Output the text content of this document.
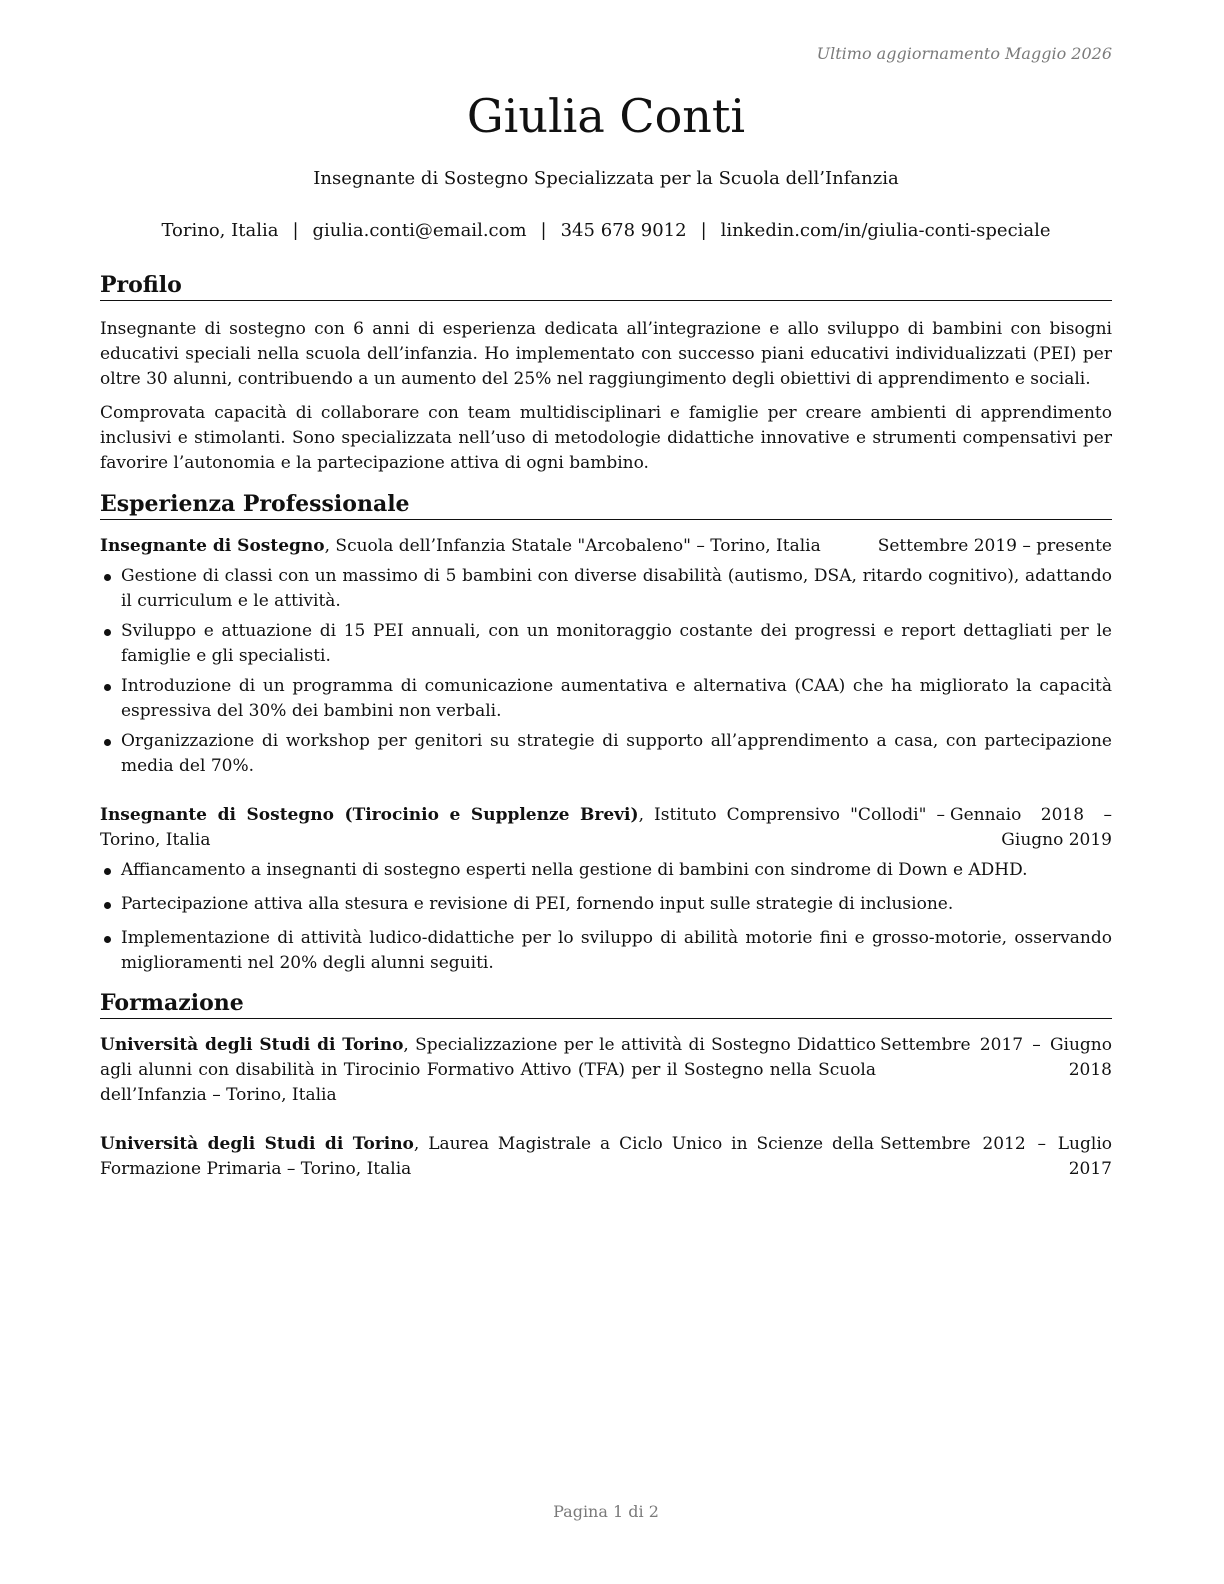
Ultimo aggiornamento Maggio 2026
Giulia Conti
Insegnante di Sostegno Specializzata per la Scuola dell’Infanzia
Torino, Italia | giulia.conti@email.com | 345 678 9012 | linkedin.com/in/giulia-conti-speciale
Profilo

Insegnante di sostegno con 6 anni di esperienza dedicata all’integrazione e allo sviluppo di bambini con bisogni educativi speciali nella scuola dell’infanzia. Ho implementato con successo piani educativi individualizzati (PEI) per oltre 30 alunni, contribuendo a un aumento del 25% nel raggiungimento degli obiettivi di apprendimento e sociali.

Comprovata capacità di collaborare con team multidisciplinari e famiglie per creare ambienti di apprendimento inclusivi e stimolanti. Sono specializzata nell’uso di metodologie didattiche innovative e strumenti compensativi per favorire l’autonomia e la partecipazione attiva di ogni bambino.

Esperienza Professionale
Insegnante di Sostegno, Scuola dell’Infanzia Statale "Arcobaleno" – Torino, Italia	Settembre 2019 – presente
Gestione di classi con un massimo di 5 bambini con diverse disabilità (autismo, DSA, ritardo cognitivo), adattando il curriculum e le attività.
Sviluppo e attuazione di 15 PEI annuali, con un monitoraggio costante dei progressi e report dettagliati per le famiglie e gli specialisti.
Introduzione di un programma di comunicazione aumentativa e alternativa (CAA) che ha migliorato la capacità espressiva del 30% dei bambini non verbali.
Organizzazione di workshop per genitori su strategie di supporto all’apprendimento a casa, con partecipazione media del 70%.
Insegnante di Sostegno (Tirocinio e Supplenze Brevi), Istituto Comprensivo "Collodi" – Torino, Italia
Gennaio 2018 – Giugno 2019
Affiancamento a insegnanti di sostegno esperti nella gestione di bambini con sindrome di Down e ADHD.
Partecipazione attiva alla stesura e revisione di PEI, fornendo input sulle strategie di inclusione.
Implementazione di attività ludico-didattiche per lo sviluppo di abilità motorie fini e grosso-motorie, osservando miglioramenti nel 20% degli alunni seguiti.
Formazione
Università degli Studi di Torino, Specializzazione per le attività di Sostegno Didattico agli alunni con disabilità in Tirocinio Formativo Attivo (TFA) per il Sostegno nella Scuola dell’Infanzia – Torino, Italia
Settembre 2017 – Giugno 2018
Università degli Studi di Torino, Laurea Magistrale a Ciclo Unico in Scienze della Formazione Primaria – Torino, Italia
Settembre 2012 – Luglio 2017
Pagina 1 di 2
